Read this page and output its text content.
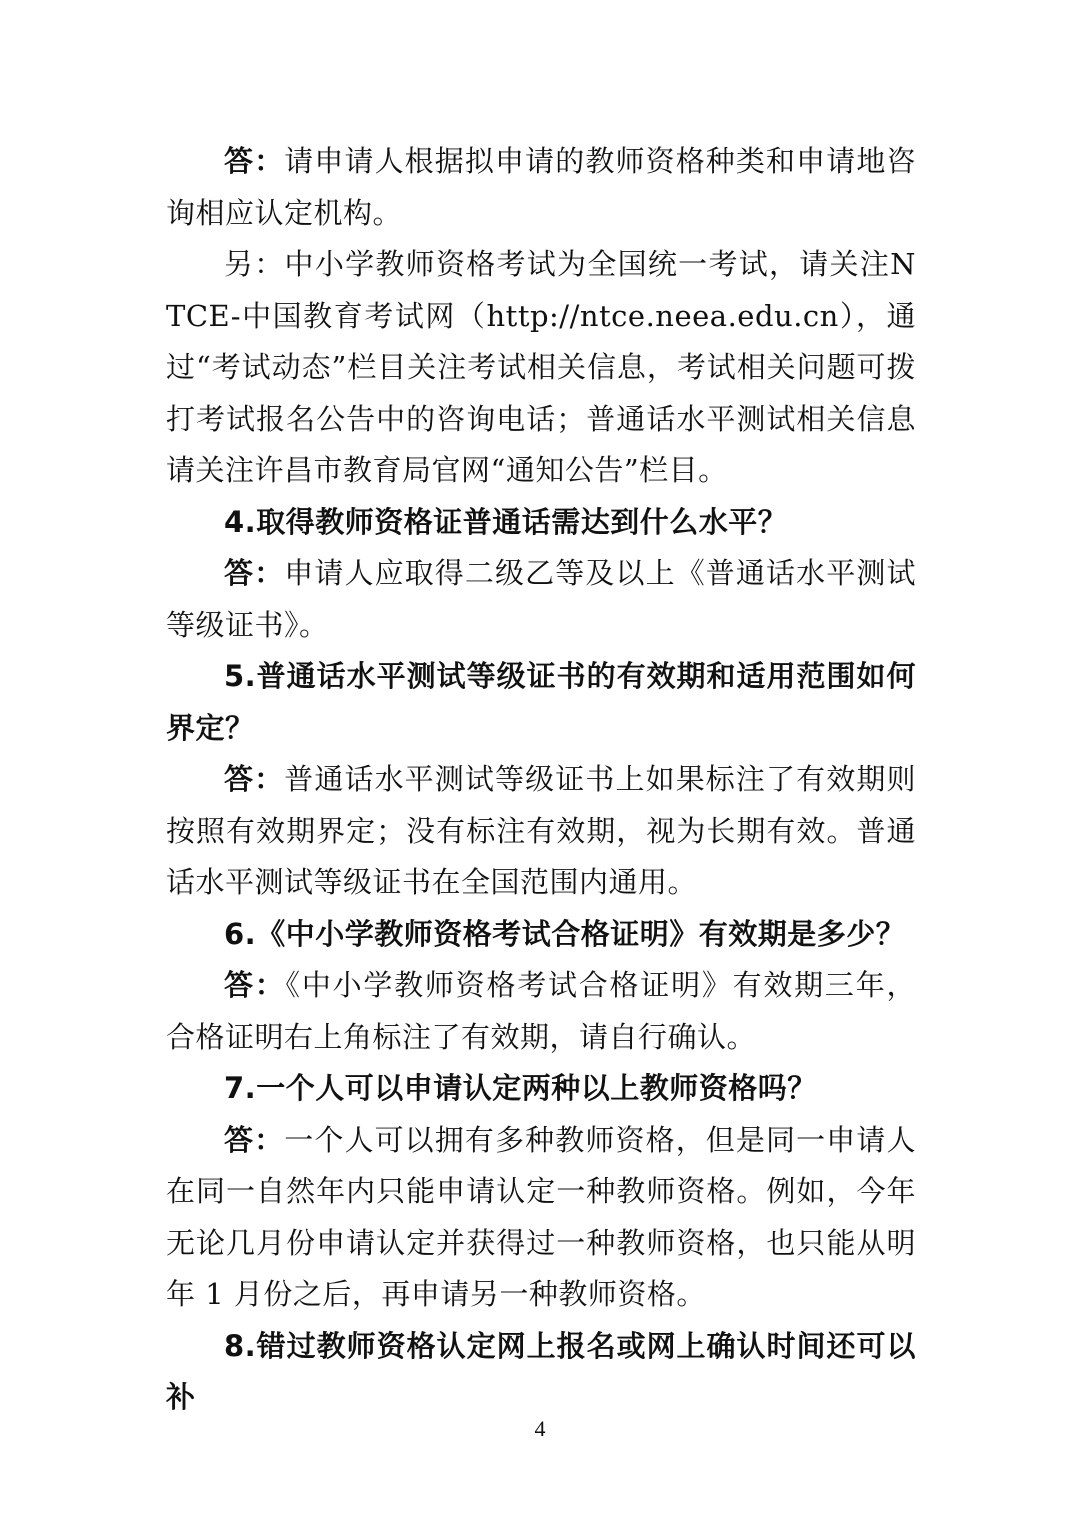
答：请申请人根据拟申请的教师资格种类和申请地咨询相应认定机构。

另：中小学教师资格考试为全国统一考试，请关注NTCE-中国教育考试网（http://ntce.neea.edu.cn），通过“考试动态”栏目关注考试相关信息，考试相关问题可拨打考试报名公告中的咨询电话；普通话水平测试相关信息请关注许昌市教育局官网“通知公告”栏目。

4.取得教师资格证普通话需达到什么水平？

答：申请人应取得二级乙等及以上《普通话水平测试等级证书》。

5.普通话水平测试等级证书的有效期和适用范围如何界定？

答：普通话水平测试等级证书上如果标注了有效期则按照有效期界定；没有标注有效期，视为长期有效。普通话水平测试等级证书在全国范围内通用。

6.《中小学教师资格考试合格证明》有效期是多少？

答：《中小学教师资格考试合格证明》有效期三年，合格证明右上角标注了有效期，请自行确认。

7.一个人可以申请认定两种以上教师资格吗？

答：一个人可以拥有多种教师资格，但是同一申请人在同一自然年内只能申请认定一种教师资格。例如，今年无论几月份申请认定并获得过一种教师资格，也只能从明年 1 月份之后，再申请另一种教师资格。

8.错过教师资格认定网上报名或网上确认时间还可以补

4
